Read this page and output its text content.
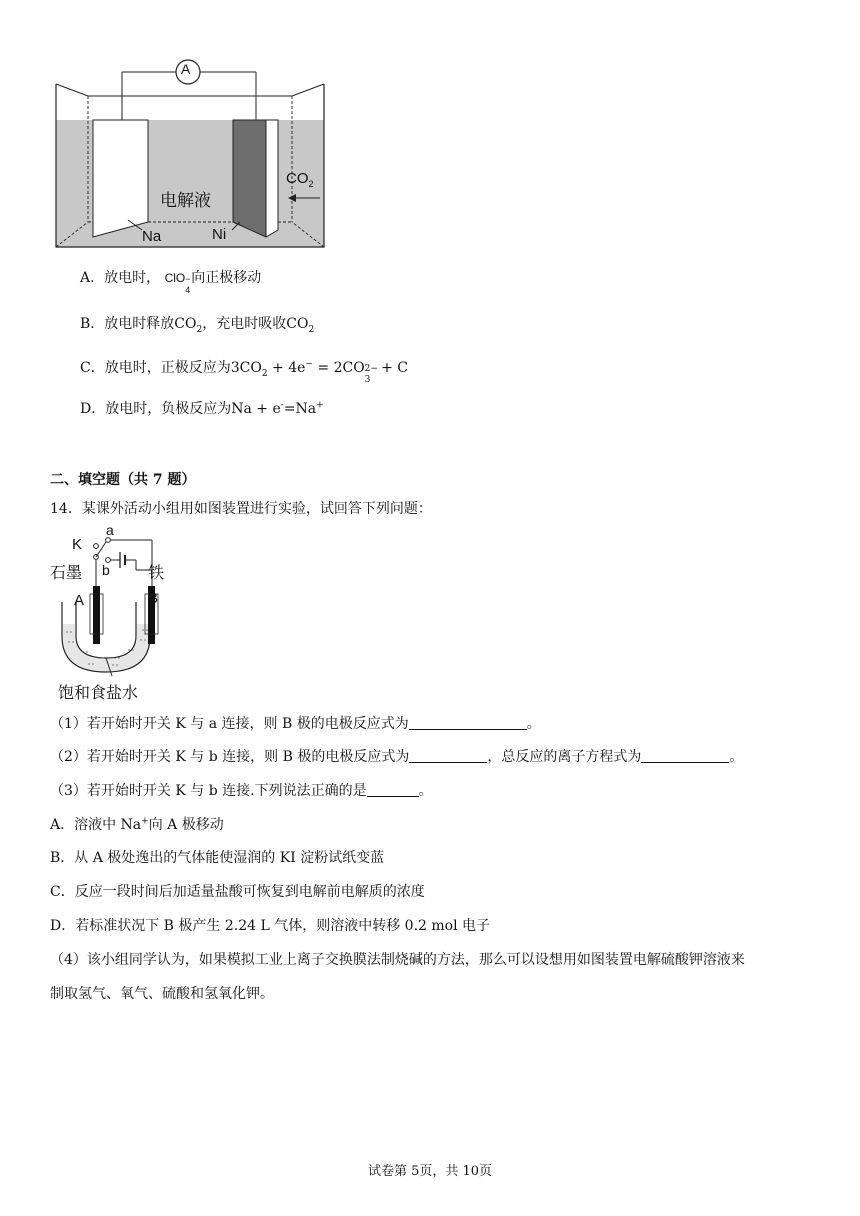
A
电解液
Na	Ni
$CO_2$
A．放电时， ClO −
4
向正极移动
B．放电时释放$CO_2$，充电时吸收$CO_2$
C．放电时，正极反应为$3CO_2 + 4e^- = 2CO$ 2−
3
+ C
D．放电时，负极反应为Na + e-=Na+
二、填空题（共 7 题）
14．某课外活动小组用如图装置进行实验，试回答下列问题：
K
a
b
石墨	铁
A	B
饱和食盐水
（1）若开始时开关 K 与 a 连接，则 B 极的电极反应式为	。
（2）若开始时开关 K 与 b 连接，则 B 极的电极反应式为	，总反应的离子方程式为	。
（3）若开始时开关 K 与 b 连接.下列说法正确的是	。
A．溶液中 Na+向 A 极移动
B．从 A 极处逸出的气体能使湿润的 KI 淀粉试纸变蓝
C．反应一段时间后加适量盐酸可恢复到电解前电解质的浓度
D．若标准状况下 B 极产生 2.24 L 气体，则溶液中转移 0.2 mol 电子
（4）该小组同学认为，如果模拟工业上离子交换膜法制烧碱的方法，那么可以设想用如图装置电解硫酸钾溶液来
制取氢气、氧气、硫酸和氢氧化钾。
试卷第 5页，共 10页
